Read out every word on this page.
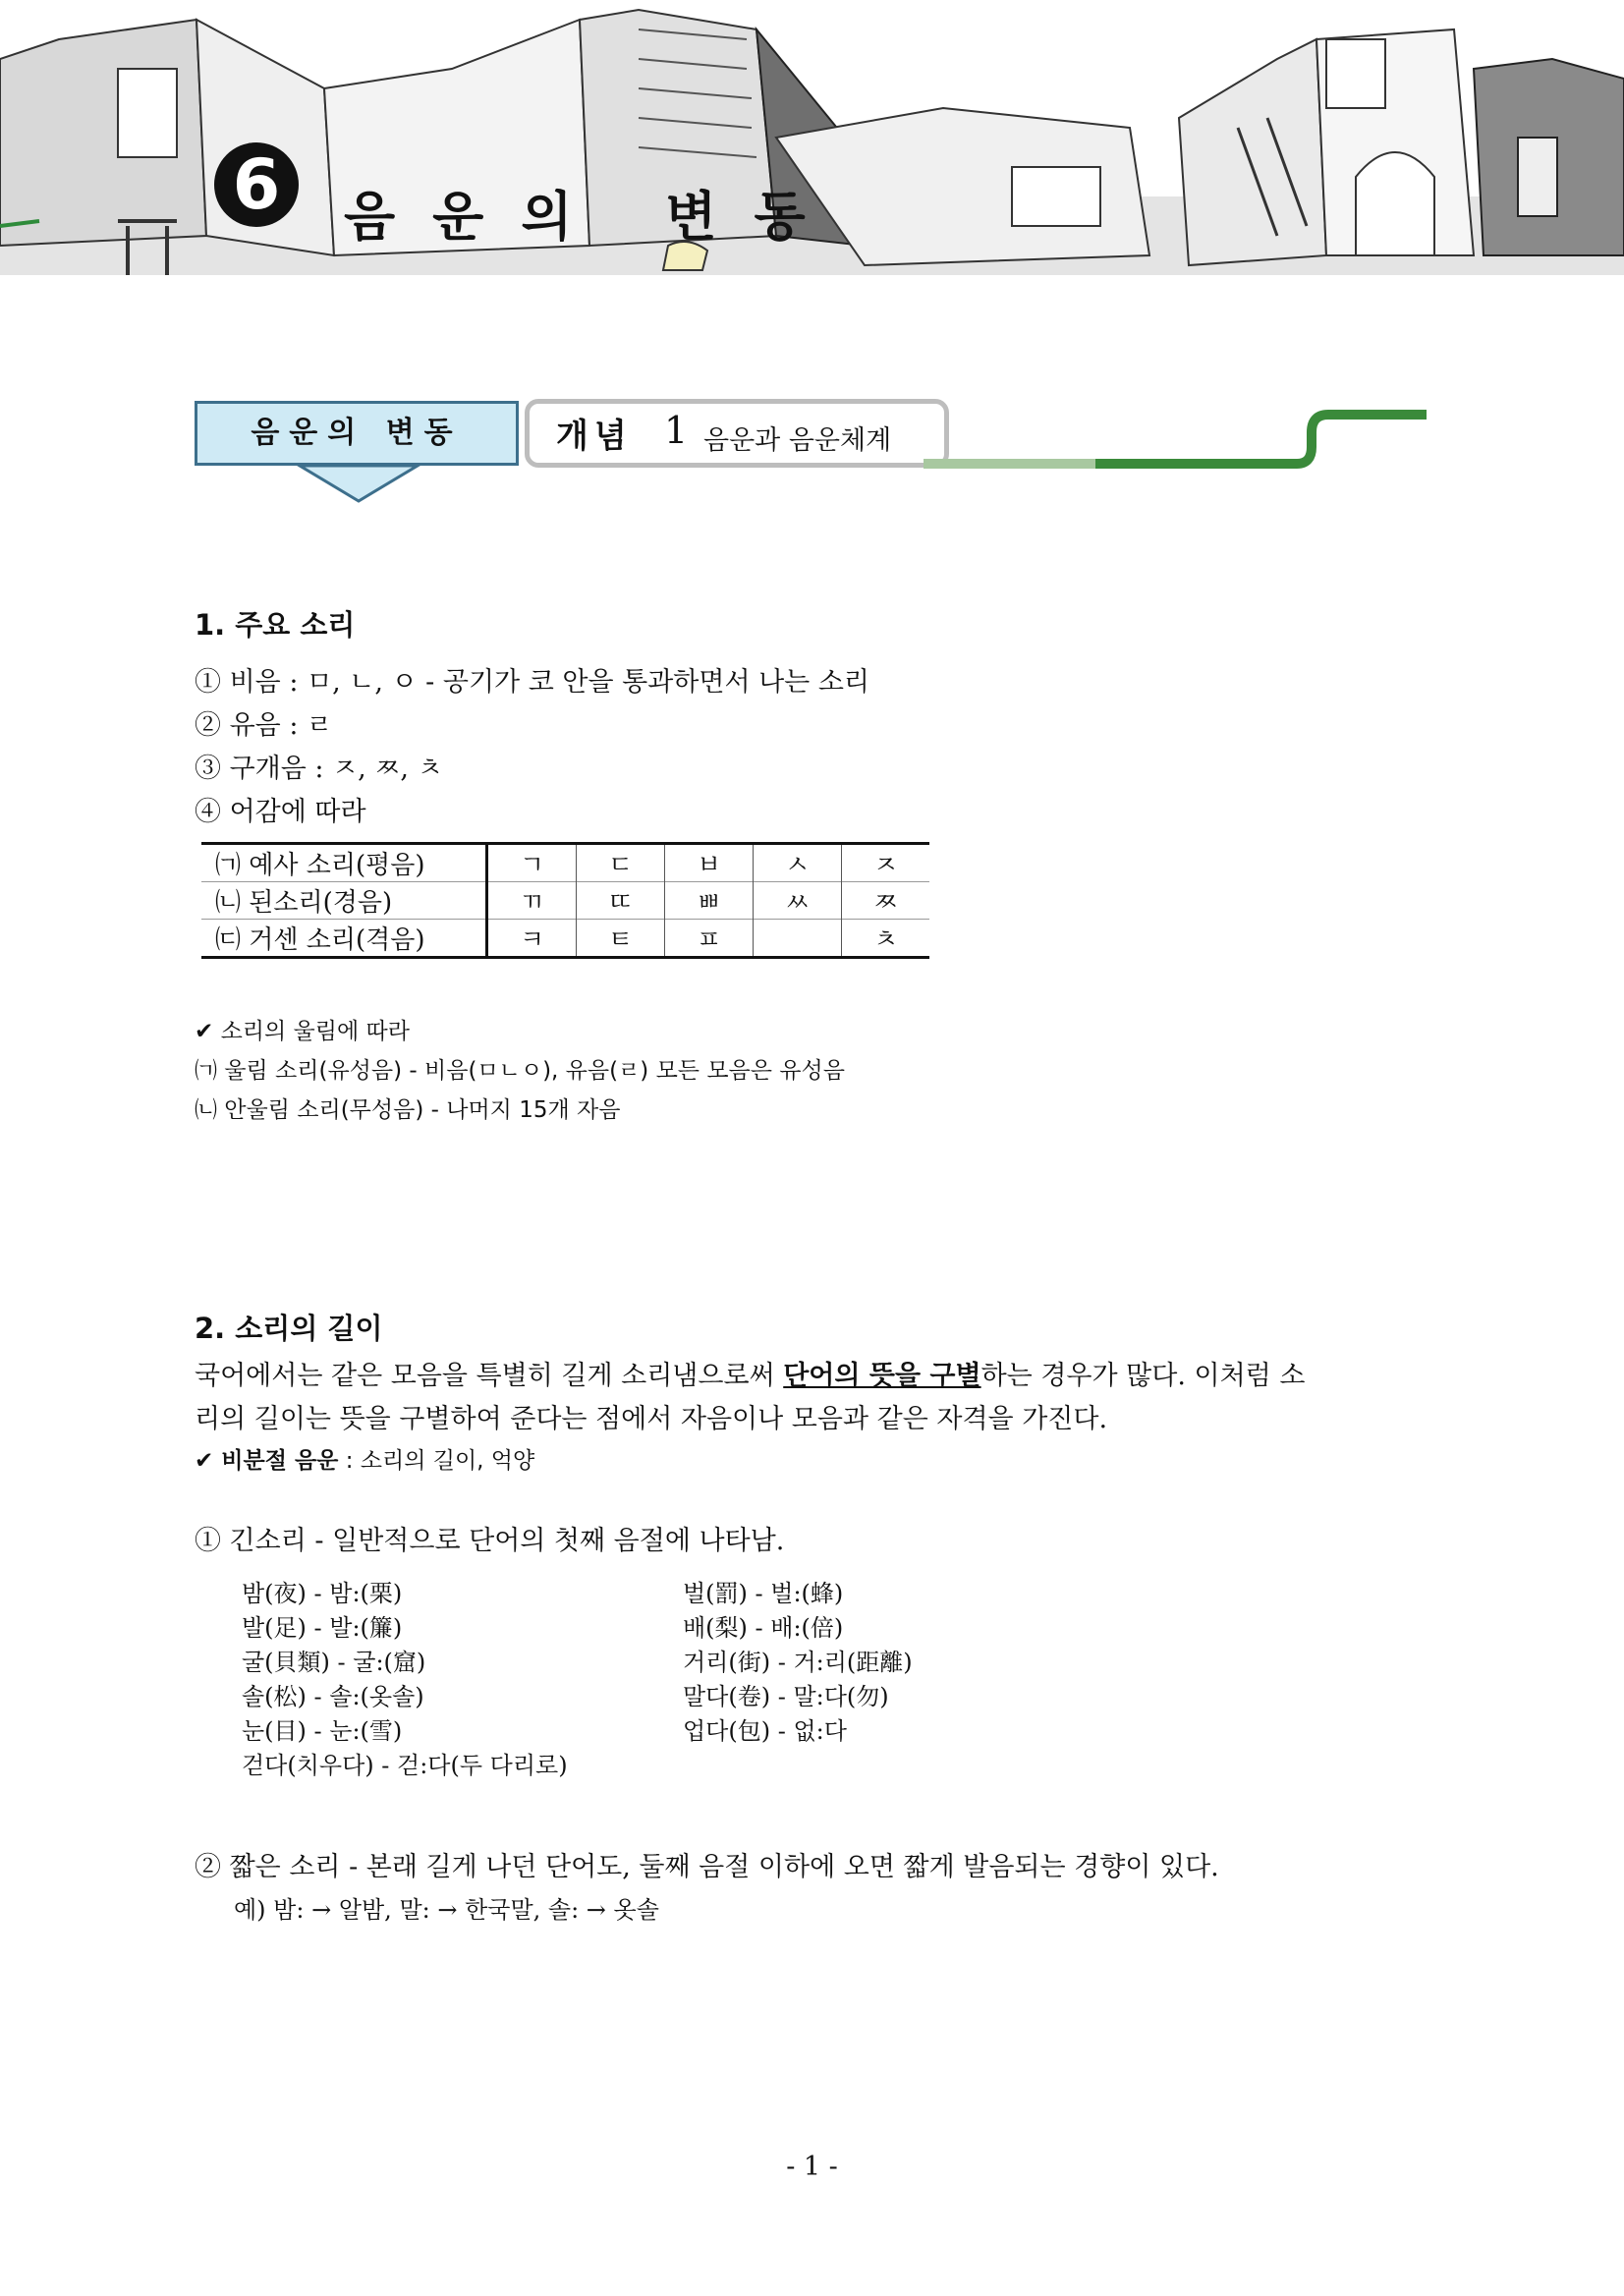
6	음운의 변동
음운의 변동	개념 1 음운과 음운체계
1. 주요 소리
① 비음 : ㅁ, ㄴ, ㅇ - 공기가 코 안을 통과하면서 나는 소리
② 유음 : ㄹ
③ 구개음 : ㅈ, ㅉ, ㅊ
④ 어감에 따라
㈀ 예사 소리(평음)	ㄱ	ㄷ	ㅂ	ㅅ	ㅈ
㈁ 된소리(경음)	ㄲ	ㄸ	ㅃ	ㅆ	ㅉ
㈂ 거센 소리(격음)	ㅋ	ㅌ	ㅍ		ㅊ
✔ 소리의 울림에 따라
㈀ 울림 소리(유성음) - 비음(ㅁㄴㅇ), 유음(ㄹ) 모든 모음은 유성음
㈁ 안울림 소리(무성음) - 나머지 15개 자음
2. 소리의 길이
국어에서는 같은 모음을 특별히 길게 소리냄으로써 단어의 뜻을 구별하는 경우가 많다. 이처럼 소
리의 길이는 뜻을 구별하여 준다는 점에서 자음이나 모음과 같은 자격을 가진다.
✔ 비분절 음운 : 소리의 길이, 억양
① 긴소리 - 일반적으로 단어의 첫째 음절에 나타남.
밤(夜) - 밤:(栗)
발(足) - 발:(簾)
굴(貝類) - 굴:(窟)
솔(松) - 솔:(옷솔)
눈(目) - 눈:(雪)
걷다(치우다) - 걷:다(두 다리로)
벌(罰) - 벌:(蜂)
배(梨) - 배:(倍)
거리(街) - 거:리(距離)
말다(卷) - 말:다(勿)
업다(包) - 없:다
② 짧은 소리 - 본래 길게 나던 단어도, 둘째 음절 이하에 오면 짧게 발음되는 경향이 있다.
예) 밤: → 알밤, 말: → 한국말, 솔: → 옷솔
- 1 -
